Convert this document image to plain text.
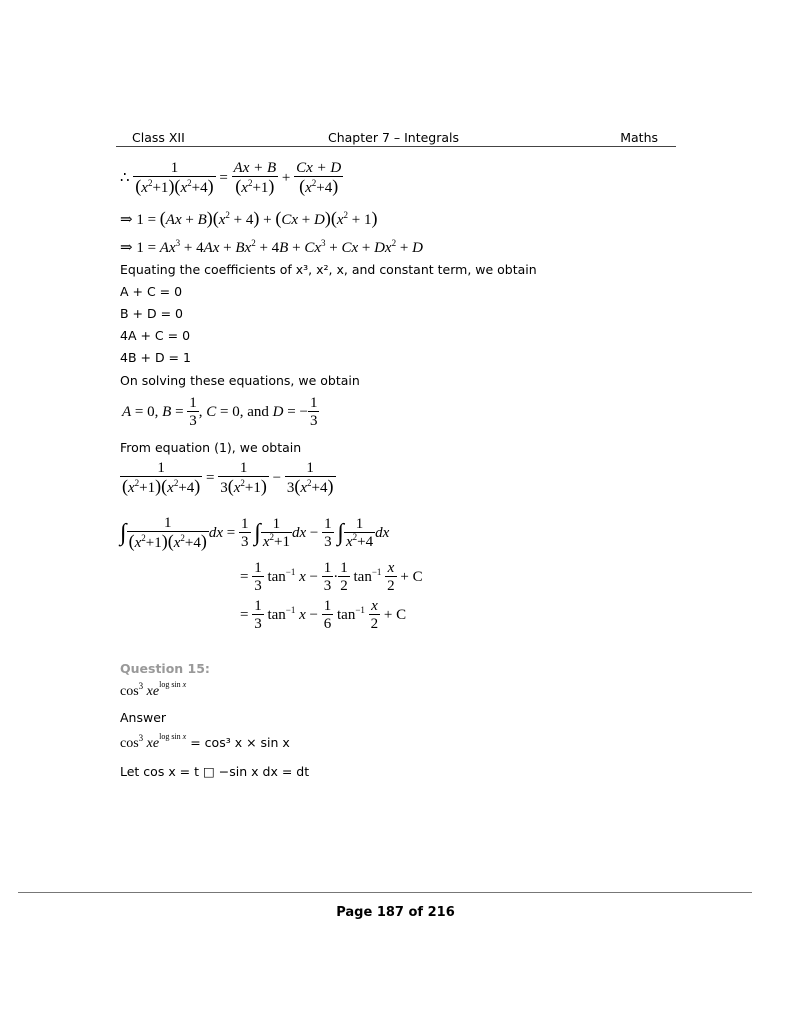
Class XII	Chapter 7 – Integrals	Maths
∴ $\frac{1}{(x^2+1)(x^2+4)} = \frac{Ax + B}{(x^2+1)} + \frac{Cx + D}{(x^2+4)}$
⇒ $1 = (Ax + B)(x^2 + 4) + (Cx + D)(x^2 + 1)$
⇒ $1 = Ax^3 + 4Ax + Bx^2 + 4B + Cx^3 + Cx + Dx^2 + D$
Equating the coefficients of x³, x², x, and constant term, we obtain
A + C = 0
B + D = 0
4A + C = 0
4B + D = 1
On solving these equations, we obtain
A = 0, $B = \frac{1}{3}$ , C = 0, and D = − $\frac{1}{3}$
From equation (1), we obtain
$\frac{1}{(x^2+1)(x^2+4)} = \frac{1}{3(x^2+1)} - \frac{1}{3(x^2+4)}$
∫ $\frac{1}{(x^2+1)(x^2+4)}$ dx = $\frac{1}{3}$ ∫ $\frac{1}{x^2+1}$ dx − $\frac{1}{3}$ ∫ $\frac{1}{x^2+4}$ dx
= $\frac{1}{3} \tan^{-1} x - \frac{1}{3} \cdot \frac{1}{2} \tan^{-1} \frac{x}{2} + C$
= $\frac{1}{3} \tan^{-1} x - \frac{1}{6} \tan^{-1} \frac{x}{2} + C$
Question 15:
$\cos^3 xe^{log sin x}$
Answer
$\cos^3 xe^{log sin x} = \cos^3$ x × sin x
Let cos x = t □ −sin x dx = dt
Page 187 of 216
